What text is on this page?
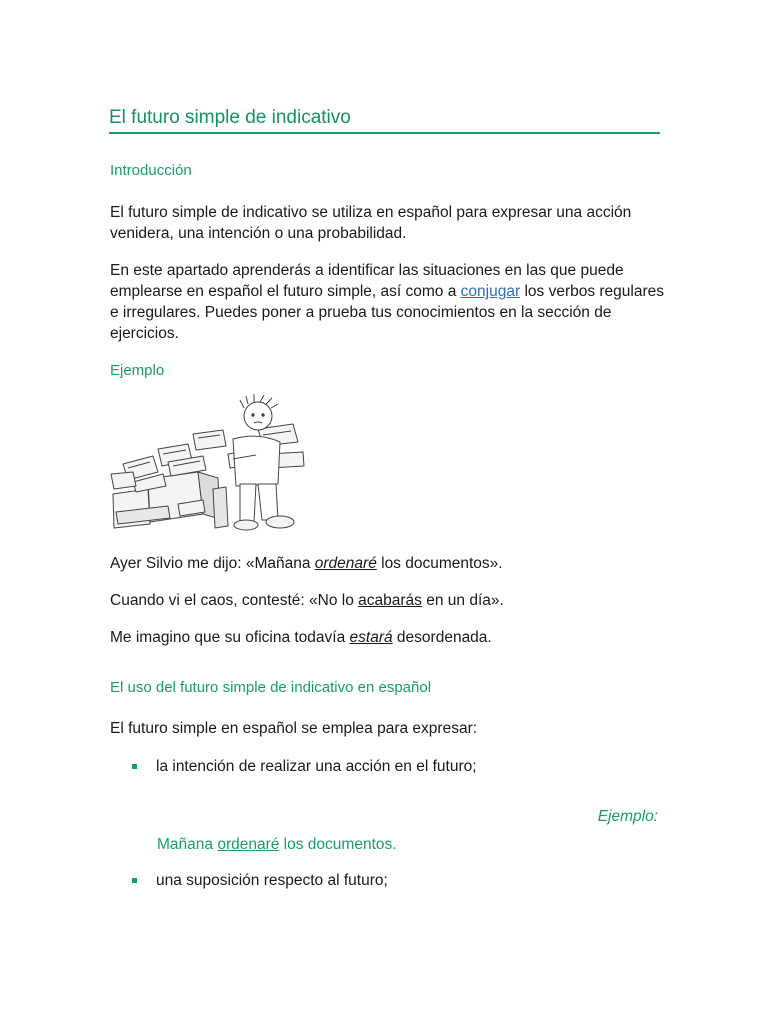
El futuro simple de indicativo
Introducción
El futuro simple de indicativo se utiliza en español para expresar una acción venidera, una intención o una probabilidad.
En este apartado aprenderás a identificar las situaciones en las que puede emplearse en español el futuro simple, así como a conjugar los verbos regulares e irregulares. Puedes poner a prueba tus conocimientos en la sección de ejercicios.
Ejemplo
Ayer Silvio me dijo: «Mañana ordenaré los documentos».
Cuando vi el caos, contesté: «No lo acabarás en un día».
Me imagino que su oficina todavía estará desordenada.
El uso del futuro simple de indicativo en español
El futuro simple en español se emplea para expresar:
la intención de realizar una acción en el futuro;
Ejemplo:
Mañana ordenaré los documentos.
una suposición respecto al futuro;
